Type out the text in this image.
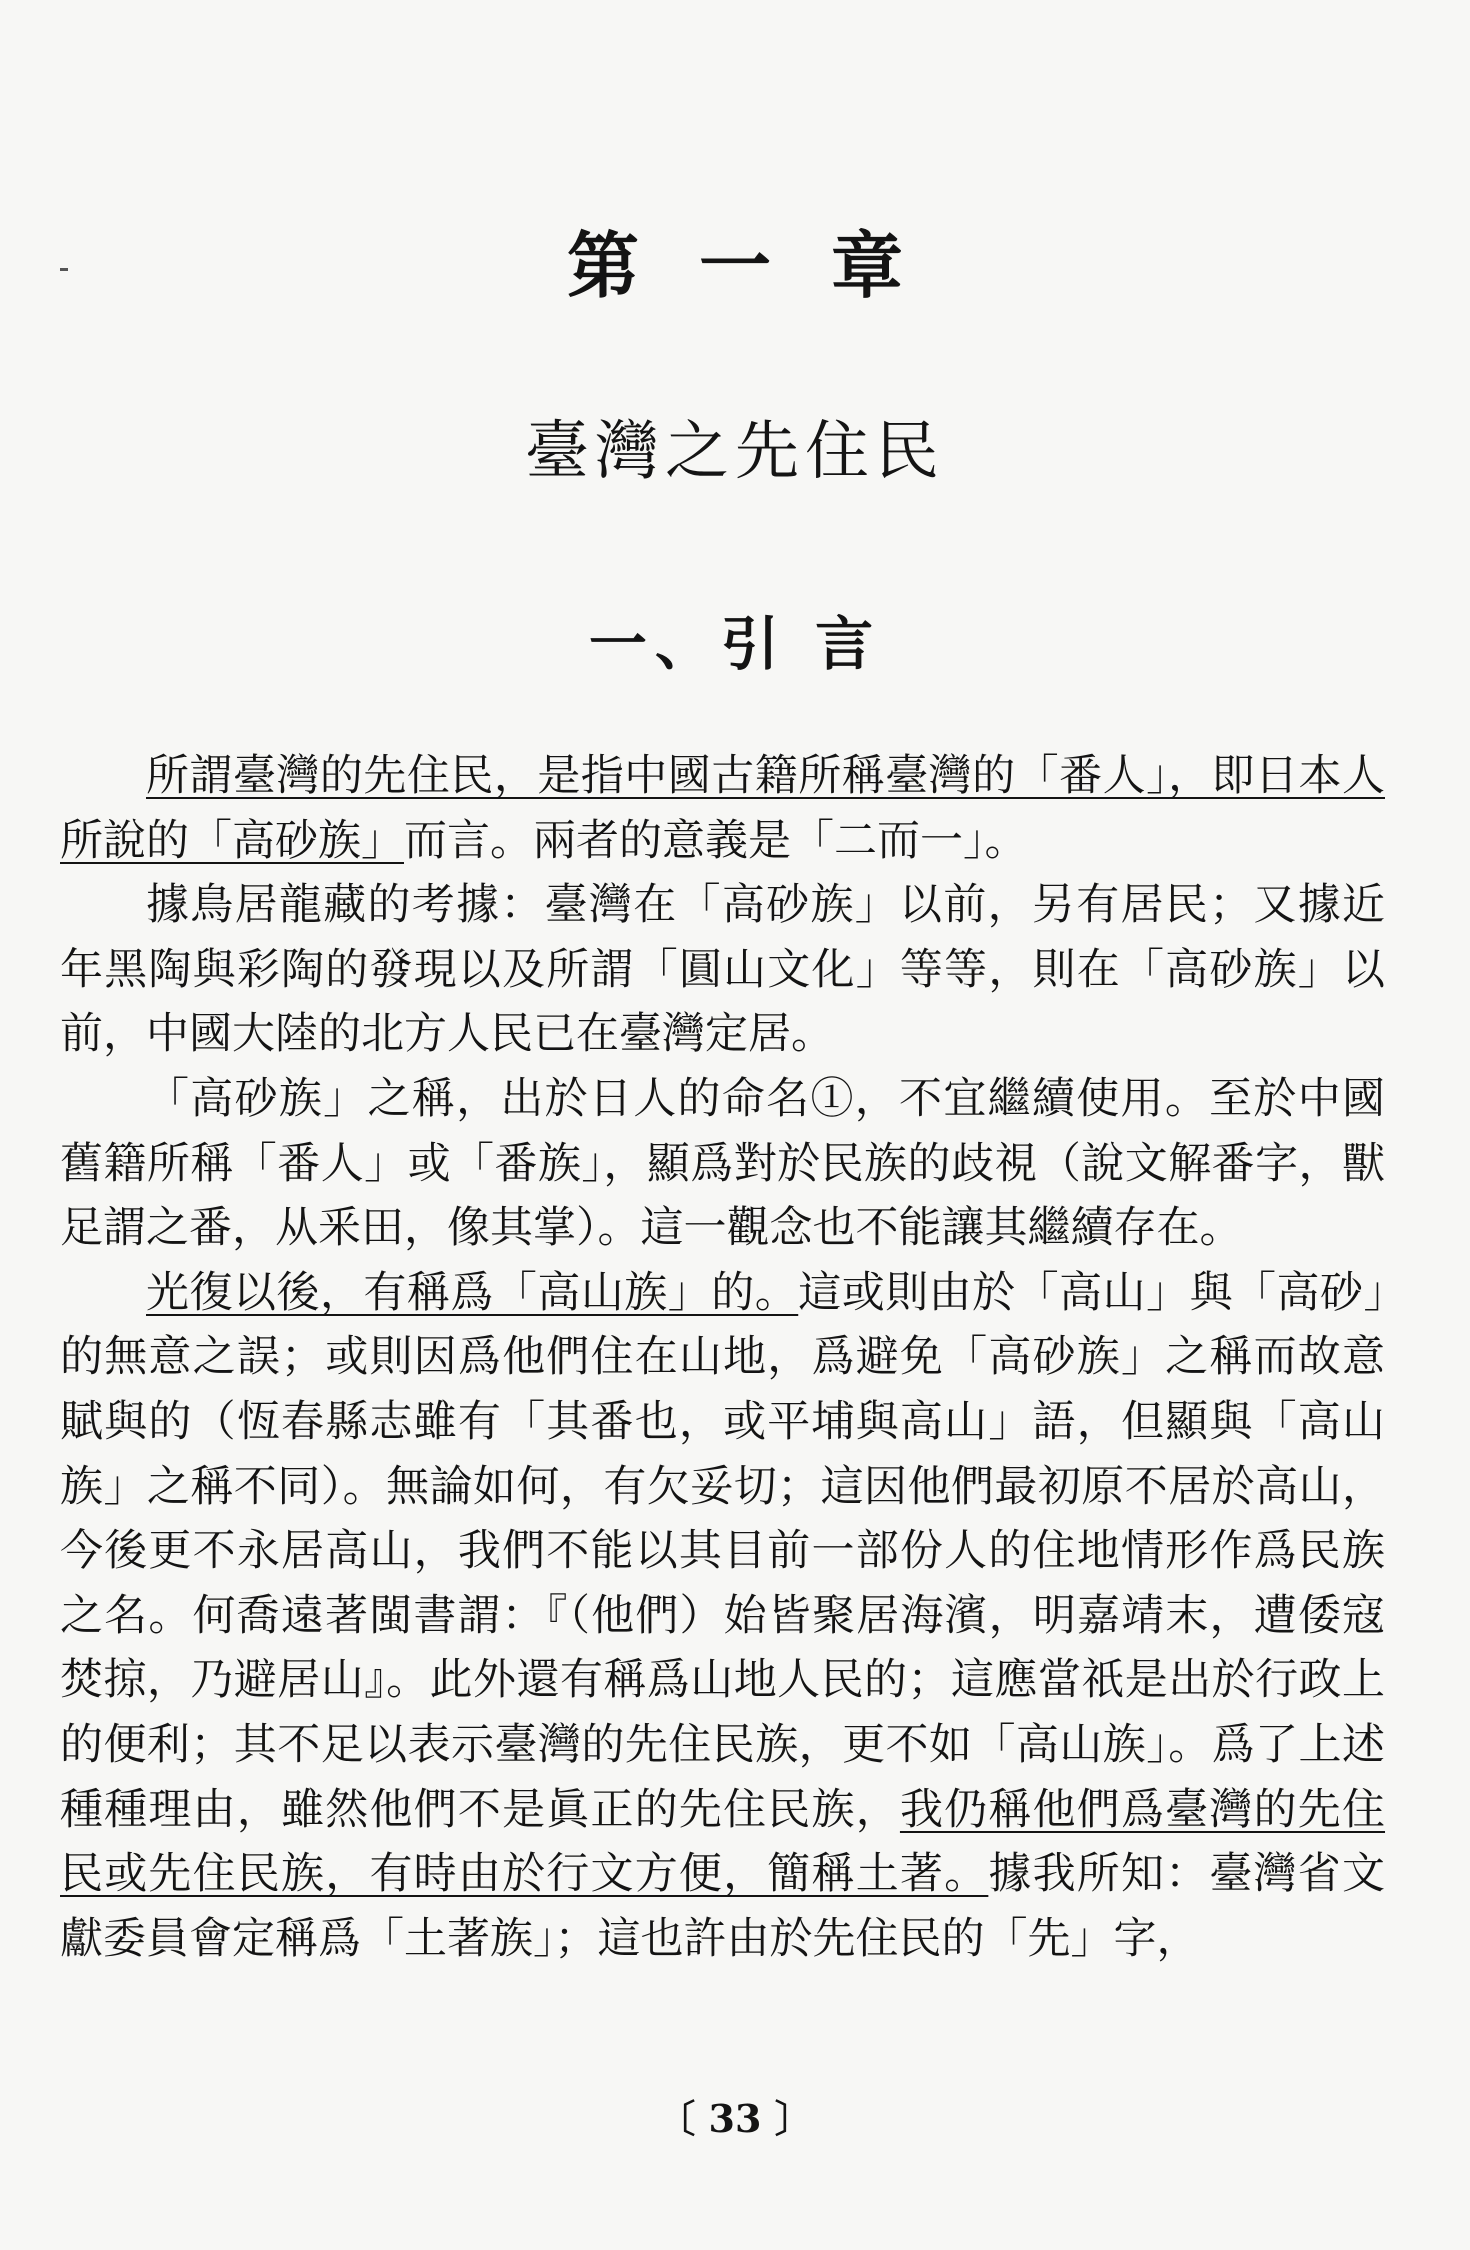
第一章
臺灣之先住民
一、引 言

所謂臺灣的先住民，是指中國古籍所稱臺灣的「番人」，即日本人所說的「高砂族」而言。兩者的意義是「二而一」。

據鳥居龍藏的考據：臺灣在「高砂族」以前，另有居民；又據近年黑陶與彩陶的發現以及所謂「圓山文化」等等，則在「高砂族」以前，中國大陸的北方人民已在臺灣定居。

「高砂族」之稱，出於日人的命名①，不宜繼續使用。至於中國舊籍所稱「番人」或「番族」，顯爲對於民族的歧視（說文解番字，獸足謂之番，从釆田，像其掌）。這一觀念也不能讓其繼續存在。

光復以後，有稱爲「高山族」的。這或則由於「高山」與「高砂」的無意之誤；或則因爲他們住在山地，爲避免「高砂族」之稱而故意賦與的（恆春縣志雖有「其番也，或平埔與高山」語，但顯與「高山族」之稱不同）。無論如何，有欠妥切；這因他們最初原不居於高山，今後更不永居高山，我們不能以其目前一部份人的住地情形作爲民族之名。何喬遠著閩書謂：『（他們）始皆聚居海濱，明嘉靖末，遭倭寇焚掠，乃避居山』。此外還有稱爲山地人民的；這應當祇是出於行政上的便利；其不足以表示臺灣的先住民族，更不如「高山族」。爲了上述種種理由，雖然他們不是眞正的先住民族，我仍稱他們爲臺灣的先住民或先住民族，有時由於行文方便，簡稱土著。據我所知：臺灣省文獻委員會定稱爲「土著族」；這也許由於先住民的「先」字，

〔 33 〕
